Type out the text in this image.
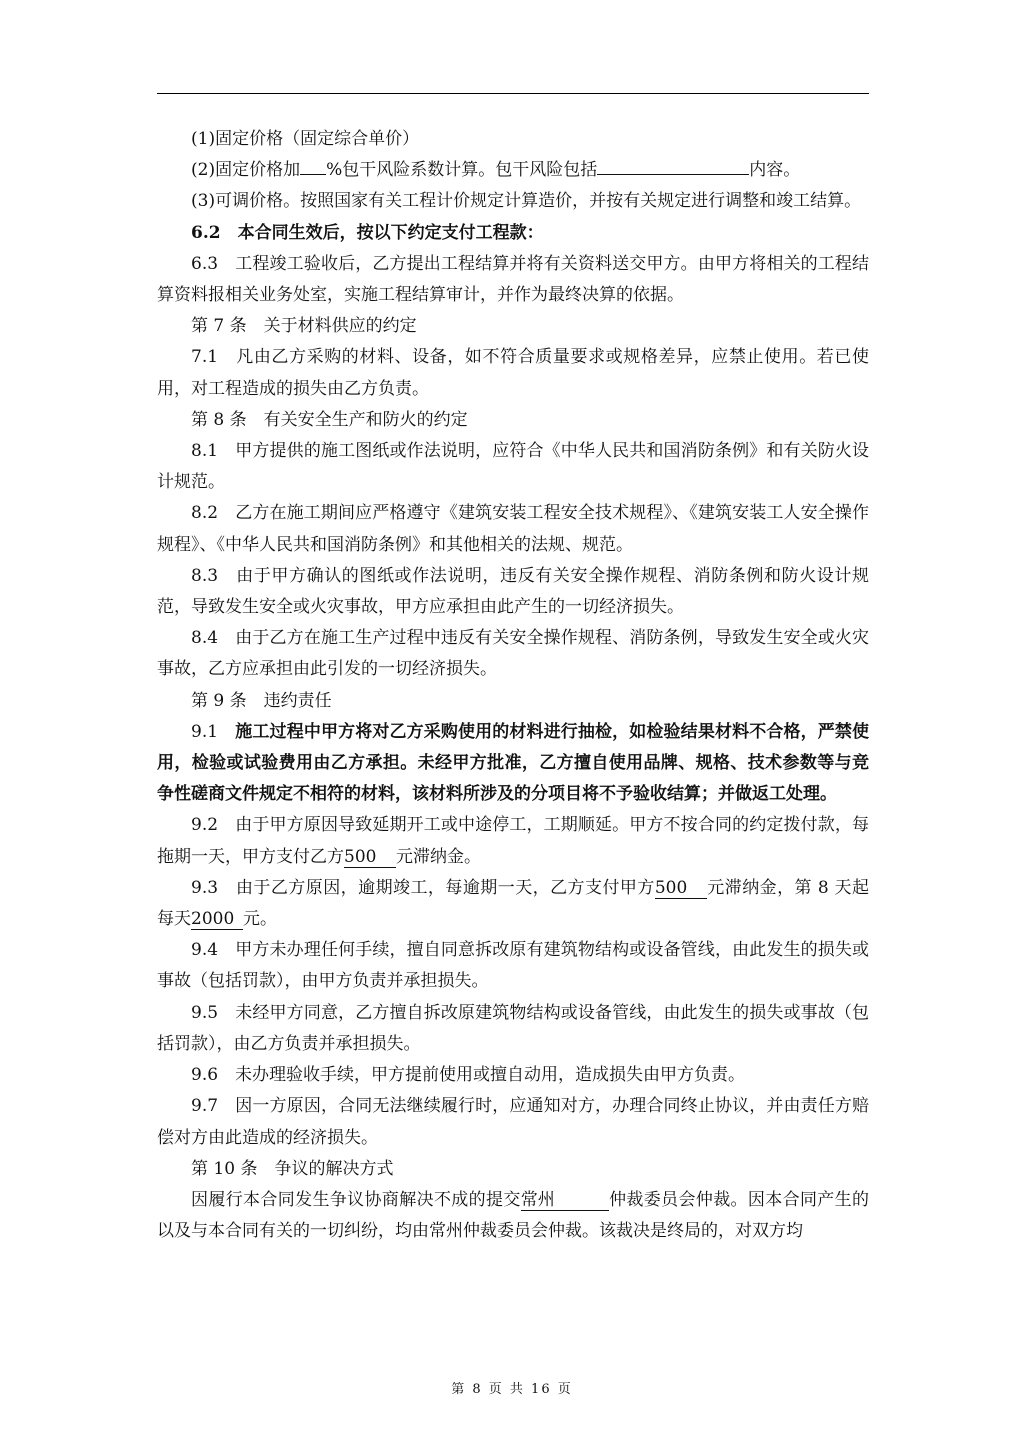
(1)固定价格（固定综合单价）

(2)固定价格加 %包干风险系数计算。包干风险包括	内容。

(3)可调价格。按照国家有关工程计价规定计算造价，并按有关规定进行调整和竣工结算。

6.2　本合同生效后，按以下约定支付工程款：

6.3　工程竣工验收后，乙方提出工程结算并将有关资料送交甲方。由甲方将相关的工程结算资料报相关业务处室，实施工程结算审计，并作为最终决算的依据。

第 7 条　关于材料供应的约定

7.1　凡由乙方采购的材料、设备，如不符合质量要求或规格差异，应禁止使用。若已使用，对工程造成的损失由乙方负责。

第 8 条　有关安全生产和防火的约定

8.1　甲方提供的施工图纸或作法说明，应符合《中华人民共和国消防条例》和有关防火设计规范。

8.2　乙方在施工期间应严格遵守《建筑安装工程安全技术规程》、《建筑安装工人安全操作规程》、《中华人民共和国消防条例》和其他相关的法规、规范。

8.3　由于甲方确认的图纸或作法说明，违反有关安全操作规程、消防条例和防火设计规范，导致发生安全或火灾事故，甲方应承担由此产生的一切经济损失。

8.4　由于乙方在施工生产过程中违反有关安全操作规程、消防条例，导致发生安全或火灾事故，乙方应承担由此引发的一切经济损失。

第 9 条　违约责任

9.1　施工过程中甲方将对乙方采购使用的材料进行抽检，如检验结果材料不合格，严禁使用，检验或试验费用由乙方承担。未经甲方批准，乙方擅自使用品牌、规格、技术参数等与竞争性磋商文件规定不相符的材料，该材料所涉及的分项目将不予验收结算；并做返工处理。

9.2　由于甲方原因导致延期开工或中途停工，工期顺延。甲方不按合同的约定拨付款，每拖期一天，甲方支付乙方500 元滞纳金。

9.3　由于乙方原因，逾期竣工，每逾期一天，乙方支付甲方500 元滞纳金，第 8 天起每天2000 元。

9.4　甲方未办理任何手续，擅自同意拆改原有建筑物结构或设备管线，由此发生的损失或事故（包括罚款），由甲方负责并承担损失。

9.5　未经甲方同意，乙方擅自拆改原建筑物结构或设备管线，由此发生的损失或事故（包括罚款），由乙方负责并承担损失。

9.6　未办理验收手续，甲方提前使用或擅自动用，造成损失由甲方负责。

9.7　因一方原因，合同无法继续履行时，应通知对方，办理合同终止协议，并由责任方赔偿对方由此造成的经济损失。

第 10 条　争议的解决方式

因履行本合同发生争议协商解决不成的提交常州	仲裁委员会仲裁。因本合同产生的以及与本合同有关的一切纠纷，均由常州仲裁委员会仲裁。该裁决是终局的，对双方均

第 8 页 共 16 页
